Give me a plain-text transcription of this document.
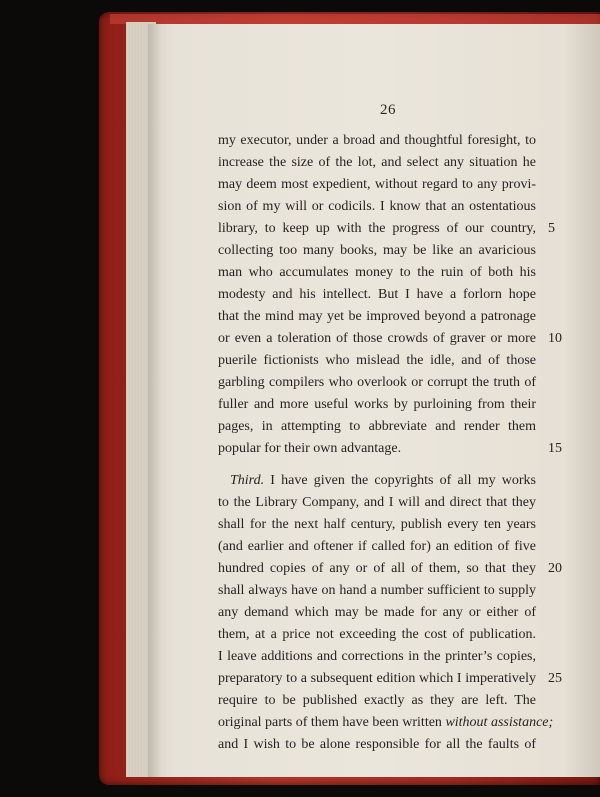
26
my executor, under a broad and thoughtful foresight, to
increase the size of the lot, and select any situation he
may deem most expedient, without regard to any provi-
sion of my will or codicils. I know that an ostentatious
library, to keep up with the progress of our country,
collecting too many books, may be like an avaricious
man who accumulates money to the ruin of both his
modesty and his intellect. But I have a forlorn hope
that the mind may yet be improved beyond a patronage
or even a toleration of those crowds of graver or more
puerile fictionists who mislead the idle, and of those
garbling compilers who overlook or corrupt the truth of
fuller and more useful works by purloining from their
pages, in attempting to abbreviate and render them
popular for their own advantage.
Third. I have given the copyrights of all my works
to the Library Company, and I will and direct that they
shall for the next half century, publish every ten years
(and earlier and oftener if called for) an edition of five
hundred copies of any or of all of them, so that they
shall always have on hand a number sufficient to supply
any demand which may be made for any or either of
them, at a price not exceeding the cost of publication.
I leave additions and corrections in the printer’s copies,
preparatory to a subsequent edition which I imperatively
require to be published exactly as they are left. The
original parts of them have been written without assistance;
and I wish to be alone responsible for all the faults of
5
10
15
20
25
